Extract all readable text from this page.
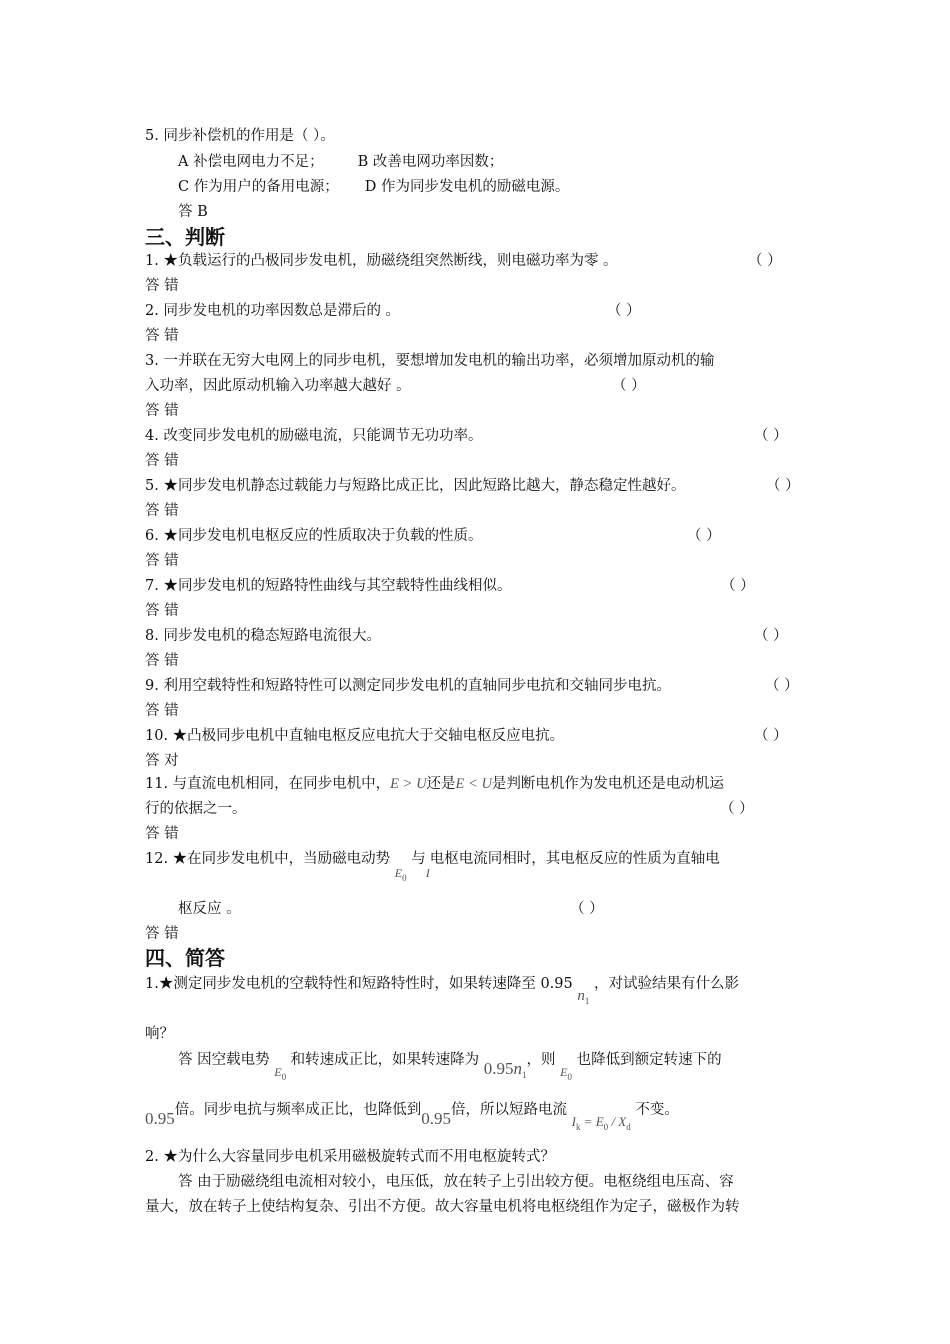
5. 同步补偿机的作用是（ ）。
A 补偿电网电力不足； B 改善电网功率因数；
C 作为用户的备用电源； D 作为同步发电机的励磁电源。
答 B
三、判断
1. ★负载运行的凸极同步发电机，励磁绕组突然断线，则电磁功率为零 。	（ ）
答 错
2. 同步发电机的功率因数总是滞后的 。	（ ）
答 错
3. 一并联在无穷大电网上的同步电机，要想增加发电机的输出功率，必须增加原动机的输
入功率，因此原动机输入功率越大越好 。	（ ）
答 错
4. 改变同步发电机的励磁电流，只能调节无功功率。	（ ）
答 错
5. ★同步发电机静态过载能力与短路比成正比，因此短路比越大，静态稳定性越好。	（ ）
答 错
6. ★同步发电机电枢反应的性质取决于负载的性质。	（ ）
答 错
7. ★同步发电机的短路特性曲线与其空载特性曲线相似。	（ ）
答 错
8. 同步发电机的稳态短路电流很大。	（ ）
答 错
9. 利用空载特性和短路特性可以测定同步发电机的直轴同步电抗和交轴同步电抗。	（ ）
答 错
10. ★凸极同步电机中直轴电枢反应电抗大于交轴电枢反应电抗。	（ ）
答 对
11. 与直流电机相同，在同步电机中，E > U还是E < U是判断电机作为发电机还是电动机运
行的依据之一。	（ ）
答 错
12. ★在同步发电机中，当励磁电动势 $_{E_0}$ 与$_I$电枢电流同相时，其电枢反应的性质为直轴电
枢反应 。	（ ）
答 错
四、简答
1.★测定同步发电机的空载特性和短路特性时，如果转速降至 0.95 $n_1$ ，对试验结果有什么影
响？
答 因空载电势 $_{E_0}$ 和转速成正比，如果转速降为 $0.95n_1$，则 $_{E_0}$ 也降低到额定转速下的
0.95倍。同步电抗与频率成正比，也降低到0.95倍，所以短路电流 $I_k = E_0 / X_d$ 不变。
2. ★为什么大容量同步电机采用磁极旋转式而不用电枢旋转式？
答 由于励磁绕组电流相对较小，电压低，放在转子上引出较方便。电枢绕组电压高、容
量大，放在转子上使结构复杂、引出不方便。故大容量电机将电枢绕组作为定子，磁极作为转
